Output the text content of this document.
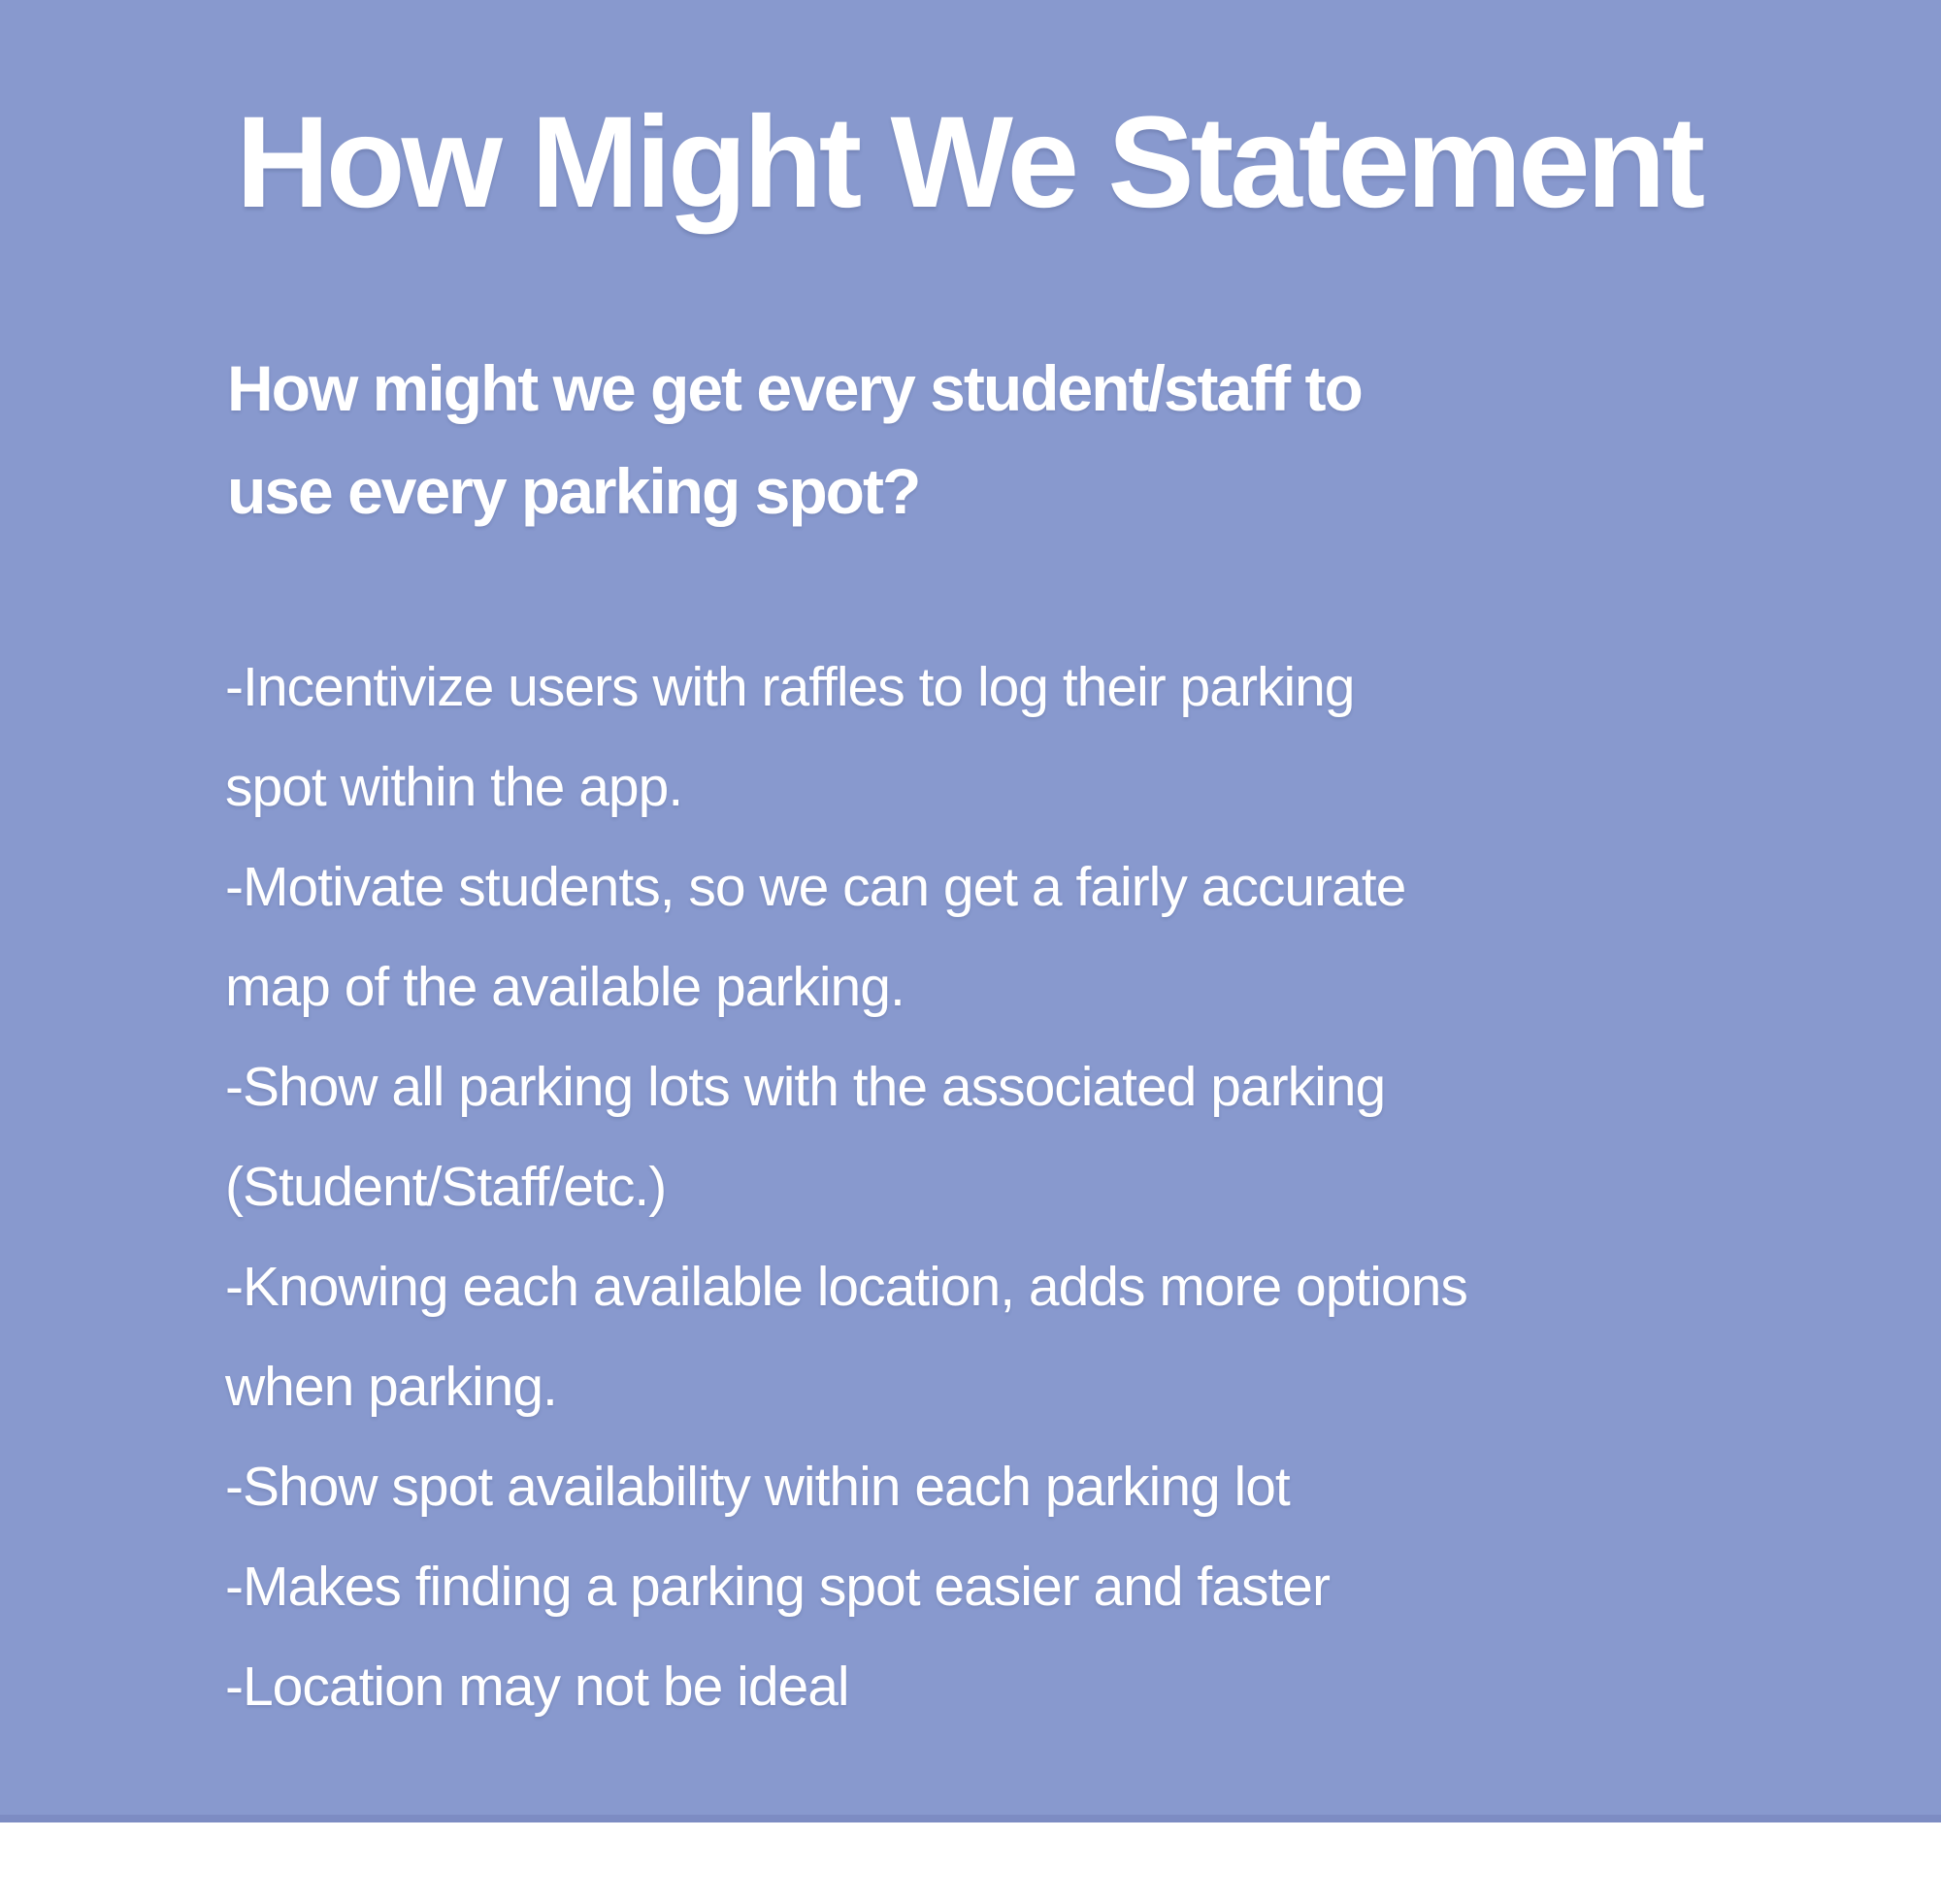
How Might We Statement
How might we get every student/staff to
use every parking spot?
-Incentivize users with raffles to log their parking
spot within the app.
-Motivate students, so we can get a fairly accurate
map of the available parking.
-Show all parking lots with the associated parking
(Student/Staff/etc.)
-Knowing each available location, adds more options
when parking.
-Show spot availability within each parking lot
-Makes finding a parking spot easier and faster
-Location may not be ideal
